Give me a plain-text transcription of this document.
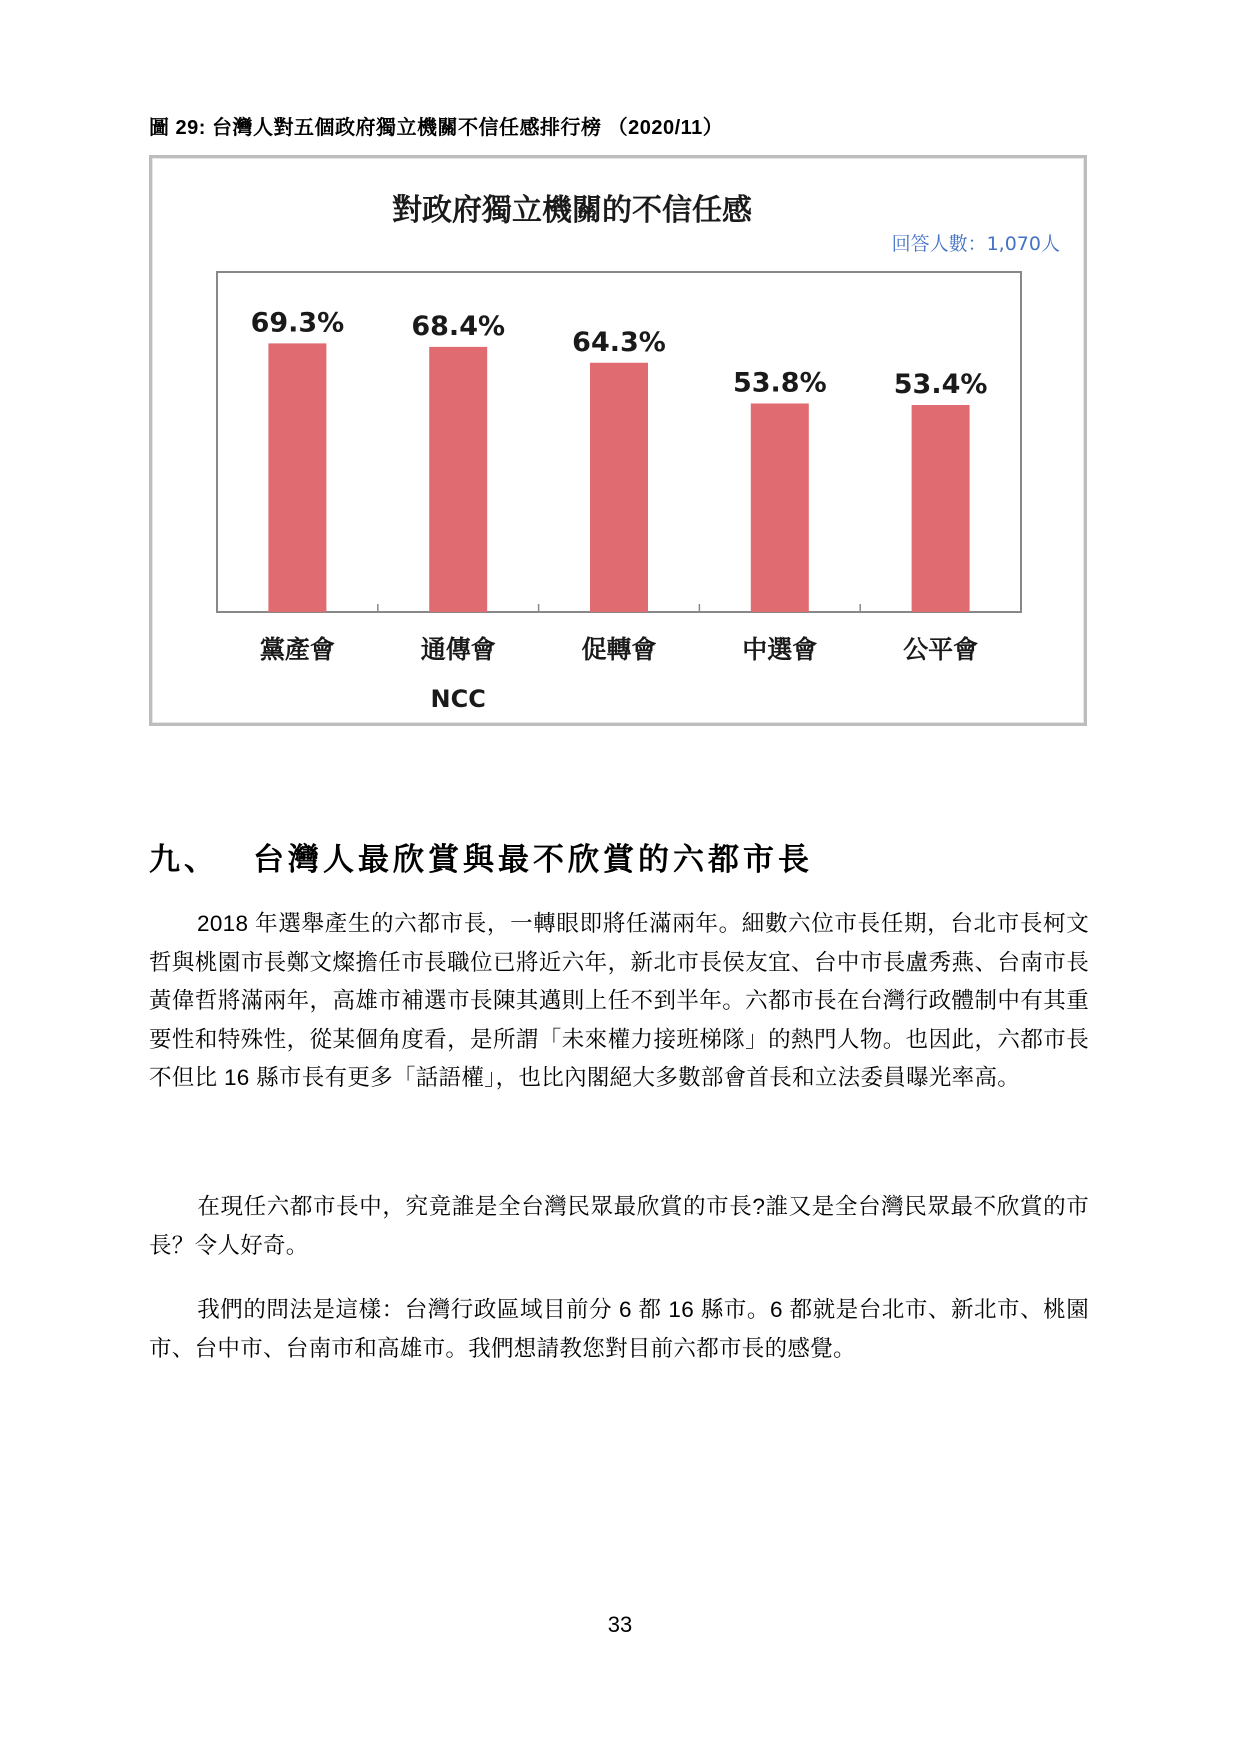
圖 29: 台灣人對五個政府獨立機關不信任感排行榜 （2020/11）
對政府獨立機關的不信任感
回答人數：1,070人
69.3%
黨產會
68.4%
通傳會
NCC
64.3%
促轉會
53.8%
中選會
53.4%
公平會
九、 台灣人最欣賞與最不欣賞的六都市長

2018 年選舉產生的六都市長，一轉眼即將任滿兩年。細數六位市長任期，台北市長柯文哲與桃園市長鄭文燦擔任市長職位已將近六年，新北市長侯友宜、台中市長盧秀燕、台南市長黃偉哲將滿兩年，高雄市補選市長陳其邁則上任不到半年。六都市長在台灣行政體制中有其重要性和特殊性，從某個角度看，是所謂「未來權力接班梯隊」的熱門人物。也因此，六都市長不但比 16 縣市長有更多「話語權」，也比內閣絕大多數部會首長和立法委員曝光率高。

在現任六都市長中，究竟誰是全台灣民眾最欣賞的市長?誰又是全台灣民眾最不欣賞的市長？令人好奇。

我們的問法是這樣：台灣行政區域目前分 6 都 16 縣市。6 都就是台北市、新北市、桃園市、台中市、台南市和高雄市。我們想請教您對目前六都市長的感覺。

33
